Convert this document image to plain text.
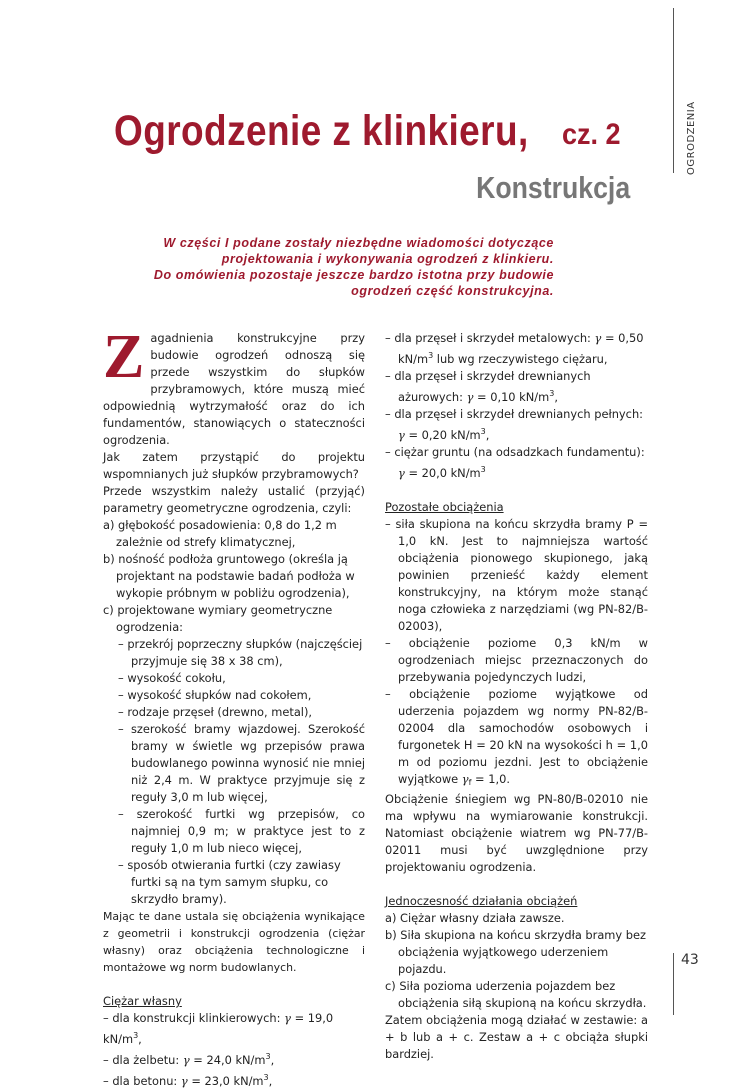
OGRODZENIA
Ogrodzenie z klinkieru, cz. 2
Konstrukcja
W części I podane zostały niezbędne wiadomości dotyczące
projektowania i wykonywania ogrodzeń z klinkieru.
Do omówienia pozostaje jeszcze bardzo istotna przy budowie
ogrodzeń część konstrukcyjna.

Zagadnienia konstrukcyjne przy budowie ogrodzeń odnoszą się przede wszystkim do słupków przybramowych, które muszą mieć odpowiednią wytrzymałość oraz do ich fundamentów, stanowiących o stateczności ogrodzenia.

Jak zatem przystąpić do projektu wspomnianych już słupków przybramowych?

Przede wszystkim należy ustalić (przyjąć) parametry geometryczne ogrodzenia, czyli:

a) głębokość posadowienia: 0,8 do 1,2 m zależnie od strefy klimatycznej,

b) nośność podłoża gruntowego (określa ją projektant na podstawie badań podłoża w wykopie próbnym w pobliżu ogrodzenia),

c) projektowane wymiary geometryczne ogrodzenia:

– przekrój poprzeczny słupków (najczęściej przyjmuje się 38 x 38 cm),

– wysokość cokołu,

– wysokość słupków nad cokołem,

– rodzaje przęseł (drewno, metal),

– szerokość bramy wjazdowej. Szerokość bramy w świetle wg przepisów prawa budowlanego powinna wynosić nie mniej niż 2,4 m. W praktyce przyjmuje się z reguły 3,0 m lub więcej,

– szerokość furtki wg przepisów, co najmniej 0,9 m; w praktyce jest to z reguły 1,0 m lub nieco więcej,

– sposób otwierania furtki (czy zawiasy furtki są na tym samym słupku, co skrzydło bramy).

Mając te dane ustala się obciążenia wynikające z geometrii i konstrukcji ogrodzenia (ciężar własny) oraz obciążenia technologiczne i montażowe wg norm budowlanych.

Ciężar własny

– dla konstrukcji klinkierowych: γ = 19,0 $kN/m^3$,

– dla żelbetu: γ = 24,0 $kN/m^3$,

– dla betonu: γ = 23,0 $kN/m^3$,

– dla przęseł i skrzydeł metalowych: γ = 0,50 $kN/m^3$ lub wg rzeczywistego ciężaru,

– dla przęseł i skrzydeł drewnianych ażurowych: γ = 0,10 $kN/m^3$,

– dla przęseł i skrzydeł drewnianych pełnych: γ = 0,20 $kN/m^3$,

– ciężar gruntu (na odsadzkach fundamentu): γ = 20,0 $kN/m^3$

Pozostałe obciążenia

– siła skupiona na końcu skrzydła bramy P = 1,0 kN. Jest to najmniejsza wartość obciążenia pionowego skupionego, jaką powinien przenieść każdy element konstrukcyjny, na którym może stanąć noga człowieka z narzędziami (wg PN-82/B-02003),

– obciążenie poziome 0,3 kN/m w ogrodzeniach miejsc przeznaczonych do przebywania pojedynczych ludzi,

– obciążenie poziome wyjątkowe od uderzenia pojazdem wg normy PN-82/B-02004 dla samochodów osobowych i furgonetek H = 20 kN na wysokości h = 1,0 m od poziomu jezdni. Jest to obciążenie wyjątkowe $\gamma_f = 1,0$.

Obciążenie śniegiem wg PN-80/B-02010 nie ma wpływu na wymiarowanie konstrukcji. Natomiast obciążenie wiatrem wg PN-77/B-02011 musi być uwzględnione przy projektowaniu ogrodzenia.

Jednoczesność działania obciążeń

a) Ciężar własny działa zawsze.

b) Siła skupiona na końcu skrzydła bramy bez obciążenia wyjątkowego uderzeniem pojazdu.

c) Siła pozioma uderzenia pojazdem bez obciążenia siłą skupioną na końcu skrzydła.

Zatem obciążenia mogą działać w zestawie: a + b lub a + c. Zestaw a + c obciąża słupki bardziej.

43
